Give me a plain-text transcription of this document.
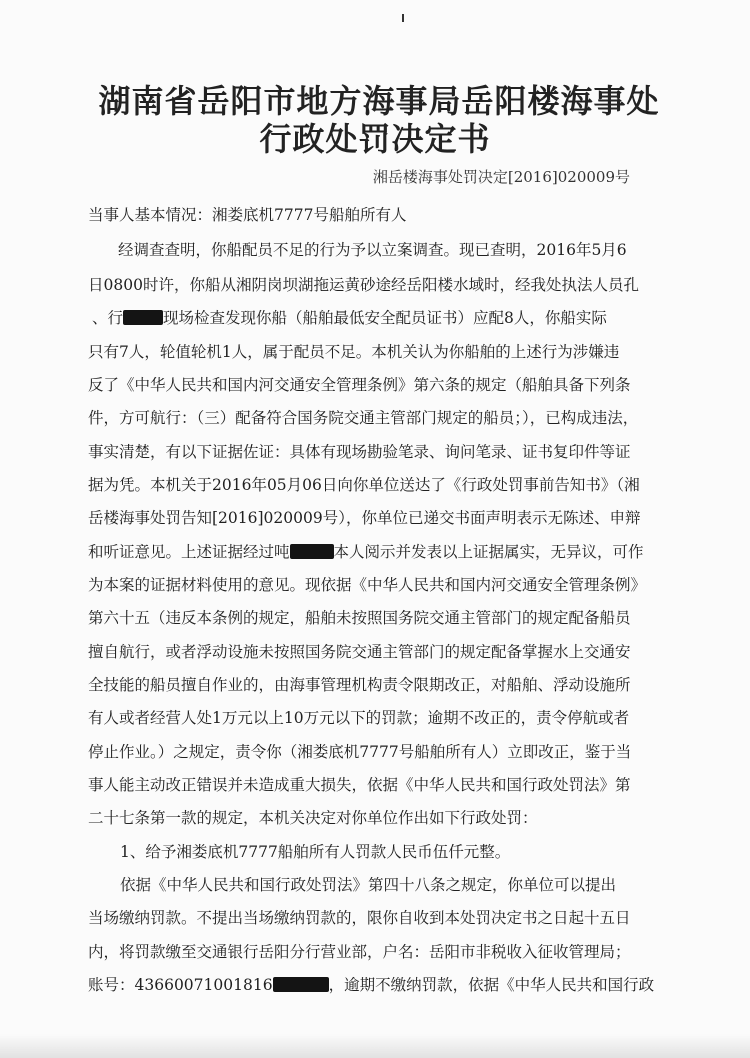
湖南省岳阳市地方海事局岳阳楼海事处
行政处罚决定书
湘岳楼海事处罚决定[2016]020009号
当事人基本情况：湘娄底机7777号船舶所有人
经调查查明，你船配员不足的行为予以立案调查。现已查明，2016年5月6
日0800时许，你船从湘阴岗坝湖拖运黄砂途经岳阳楼水域时，经我处执法人员孔
、行	现场检查发现你船（船舶最低安全配员证书）应配8人，你船实际
只有7人，轮值轮机1人，属于配员不足。本机关认为你船舶的上述行为涉嫌违
反了《中华人民共和国内河交通安全管理条例》第六条的规定（船舶具备下列条
件，方可航行：（三）配备符合国务院交通主管部门规定的船员；），已构成违法，
事实清楚，有以下证据佐证：具体有现场勘验笔录、询问笔录、证书复印件等证
据为凭。本机关于2016年05月06日向你单位送达了《行政处罚事前告知书》（湘
岳楼海事处罚告知[2016]020009号），你单位已递交书面声明表示无陈述、申辩
和听证意见。上述证据经过吨	本人阅示并发表以上证据属实，无异议，可作
为本案的证据材料使用的意见。现依据《中华人民共和国内河交通安全管理条例》
第六十五（违反本条例的规定，船舶未按照国务院交通主管部门的规定配备船员
擅自航行，或者浮动设施未按照国务院交通主管部门的规定配备掌握水上交通安
全技能的船员擅自作业的，由海事管理机构责令限期改正，对船舶、浮动设施所
有人或者经营人处1万元以上10万元以下的罚款；逾期不改正的，责令停航或者
停止作业。）之规定，责令你（湘娄底机7777号船舶所有人）立即改正，鉴于当
事人能主动改正错误并未造成重大损失，依据《中华人民共和国行政处罚法》第
二十七条第一款的规定，本机关决定对你单位作出如下行政处罚：
1、给予湘娄底机7777船舶所有人罚款人民币伍仟元整。
依据《中华人民共和国行政处罚法》第四十八条之规定，你单位可以提出
当场缴纳罚款。不提出当场缴纳罚款的，限你自收到本处罚决定书之日起十五日
内，将罚款缴至交通银行岳阳分行营业部，户名：岳阳市非税收入征收管理局；
账号：43660071001816	，逾期不缴纳罚款，依据《中华人民共和国行政
